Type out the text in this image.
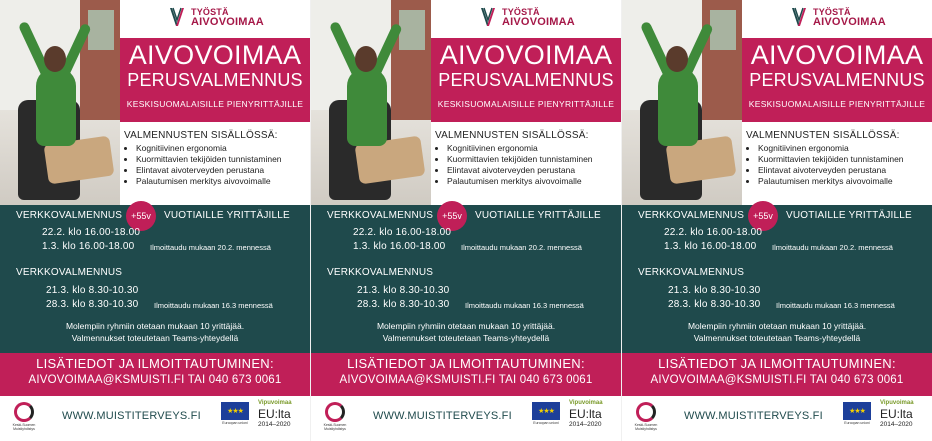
TYÖSTÄ
AIVOVOIMAA
AIVOVOIMAA
PERUSVALMENNUS
KESKISUOMALAISILLE PIENYRITTÄJILLE
VALMENNUSTEN SISÄLLÖSSÄ:
• Kognitiivinen ergonomia
• Kuormittavien tekijöiden tunnistaminen
• Elintavat aivoterveyden perustana
• Palautumisen merkitys aivovoimalle
VERKKOVALMENNUS +55v	VUOTIAILLE YRITTÄJILLE
22.2. klo 16.00-18.00
1.3. klo 16.00-18.00 Ilmoittaudu mukaan 20.2. mennessä
VERKKOVALMENNUS
21.3. klo 8.30-10.30
28.3. klo 8.30-10.30 Ilmoittaudu mukaan 16.3 mennessä
Molempiin ryhmiin otetaan mukaan 10 yrittäjää.
Valmennukset toteutetaan Teams-yhteydellä
LISÄTIEDOT JA ILMOITTAUTUMINEN:
AIVOVOIMAA@KSMUISTI.FI TAI 040 673 0061
Keski-Suomen
Muistiyhdistys
WWW.MUISTITERVEYS.FI	★★★
Euroopan unioni
Vipuvoimaa
EU:lta
2014–2020
TYÖSTÄ
AIVOVOIMAA
AIVOVOIMAA
PERUSVALMENNUS
KESKISUOMALAISILLE PIENYRITTÄJILLE
VALMENNUSTEN SISÄLLÖSSÄ:
• Kognitiivinen ergonomia
• Kuormittavien tekijöiden tunnistaminen
• Elintavat aivoterveyden perustana
• Palautumisen merkitys aivovoimalle
VERKKOVALMENNUS +55v	VUOTIAILLE YRITTÄJILLE
22.2. klo 16.00-18.00
1.3. klo 16.00-18.00 Ilmoittaudu mukaan 20.2. mennessä
VERKKOVALMENNUS
21.3. klo 8.30-10.30
28.3. klo 8.30-10.30 Ilmoittaudu mukaan 16.3 mennessä
Molempiin ryhmiin otetaan mukaan 10 yrittäjää.
Valmennukset toteutetaan Teams-yhteydellä
LISÄTIEDOT JA ILMOITTAUTUMINEN:
AIVOVOIMAA@KSMUISTI.FI TAI 040 673 0061
Keski-Suomen
Muistiyhdistys
WWW.MUISTITERVEYS.FI	★★★
Euroopan unioni
Vipuvoimaa
EU:lta
2014–2020
TYÖSTÄ
AIVOVOIMAA
AIVOVOIMAA
PERUSVALMENNUS
KESKISUOMALAISILLE PIENYRITTÄJILLE
VALMENNUSTEN SISÄLLÖSSÄ:
• Kognitiivinen ergonomia
• Kuormittavien tekijöiden tunnistaminen
• Elintavat aivoterveyden perustana
• Palautumisen merkitys aivovoimalle
VERKKOVALMENNUS +55v	VUOTIAILLE YRITTÄJILLE
22.2. klo 16.00-18.00
1.3. klo 16.00-18.00 Ilmoittaudu mukaan 20.2. mennessä
VERKKOVALMENNUS
21.3. klo 8.30-10.30
28.3. klo 8.30-10.30 Ilmoittaudu mukaan 16.3 mennessä
Molempiin ryhmiin otetaan mukaan 10 yrittäjää.
Valmennukset toteutetaan Teams-yhteydellä
LISÄTIEDOT JA ILMOITTAUTUMINEN:
AIVOVOIMAA@KSMUISTI.FI TAI 040 673 0061
Keski-Suomen
Muistiyhdistys
WWW.MUISTITERVEYS.FI	★★★
Euroopan unioni
Vipuvoimaa
EU:lta
2014–2020
